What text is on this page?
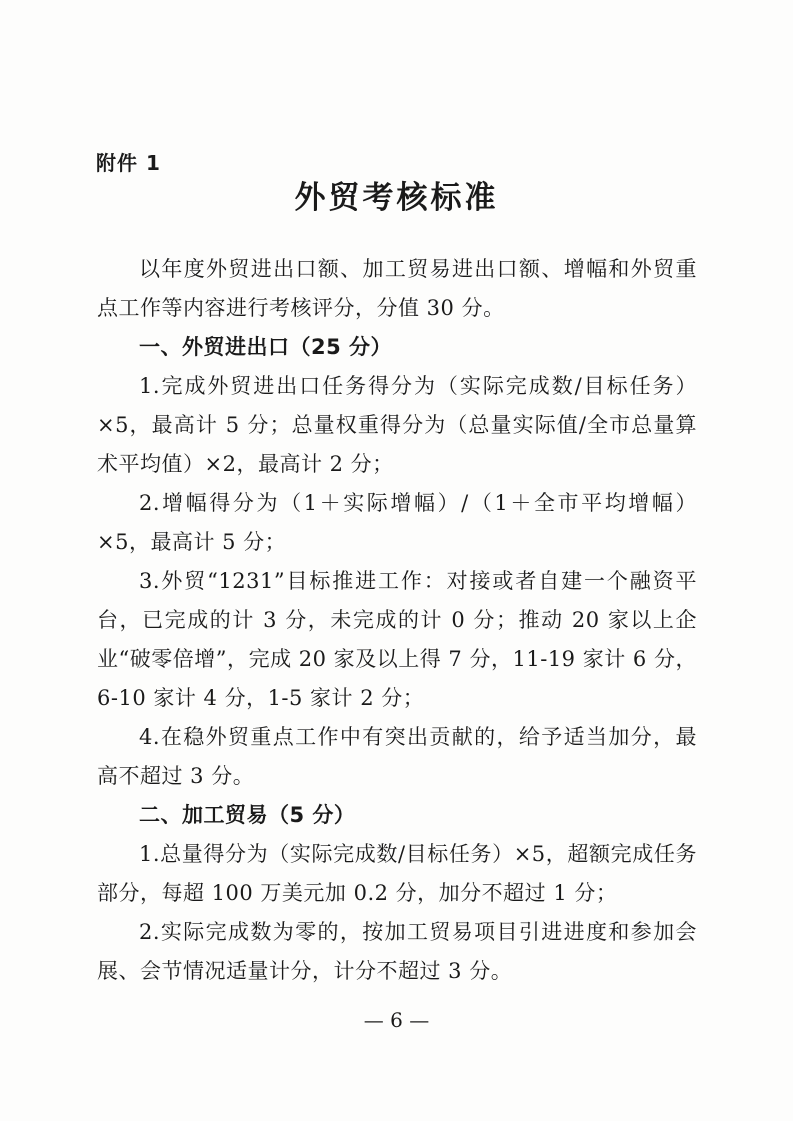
附件 1
外贸考核标准

以年度外贸进出口额、加工贸易进出口额、增幅和外贸重点工作等内容进行考核评分，分值 30 分。

一、外贸进出口（25 分）

1.完成外贸进出口任务得分为（实际完成数/目标任务）×5，最高计 5 分；总量权重得分为（总量实际值/全市总量算术平均值）×2，最高计 2 分；

2.增幅得分为（1＋实际增幅）/（1＋全市平均增幅）×5，最高计 5 分；

3.外贸“1231”目标推进工作：对接或者自建一个融资平台，已完成的计 3 分，未完成的计 0 分；推动 20 家以上企业“破零倍增”，完成 20 家及以上得 7 分，11-19 家计 6 分，6-10 家计 4 分，1-5 家计 2 分；

4.在稳外贸重点工作中有突出贡献的，给予适当加分，最高不超过 3 分。

二、加工贸易（5 分）

1.总量得分为（实际完成数/目标任务）×5，超额完成任务部分，每超 100 万美元加 0.2 分，加分不超过 1 分；

2.实际完成数为零的，按加工贸易项目引进进度和参加会展、会节情况适量计分，计分不超过 3 分。

— 6 —
